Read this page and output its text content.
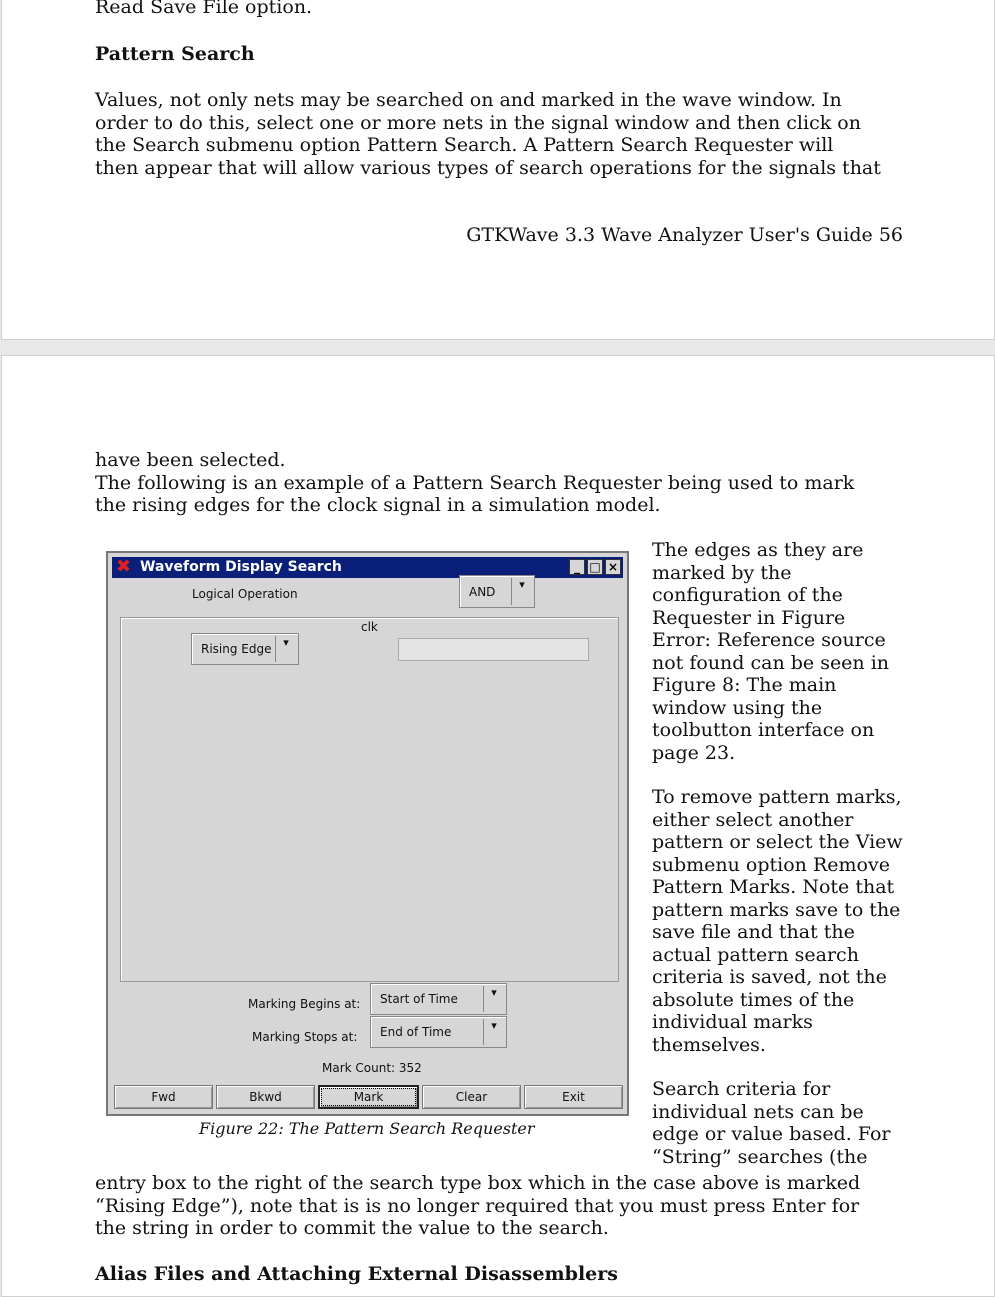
Read Save File option.

Pattern Search

Values, not only nets may be searched on and marked in the wave window. In

order to do this, select one or more nets in the signal window and then click on

the Search submenu option Pattern Search. A Pattern Search Requester will

then appear that will allow various types of search operations for the signals that

GTKWave 3.3 Wave Analyzer User's Guide 56

have been selected.

The following is an example of a Pattern Search Requester being used to mark

the rising edges for the clock signal in a simulation model.

✖ Waveform Display Search	_ □ ×
Logical Operation	AND	▾
clk
Rising Edge	▾
Marking Begins at: Start of Time	▾
Marking Stops at: End of Time	▾
Mark Count: 352
Fwd	Bkwd	Mark	Clear	Exit
Figure 22: The Pattern Search Requester

The edges as they are marked by the configuration of the Requester in Figure Error: Reference source not found can be seen in Figure 8: The main window using the toolbutton interface on page 23.

To remove pattern marks, either select another pattern or select the View submenu option Remove Pattern Marks. Note that pattern marks save to the save file and that the actual pattern search criteria is saved, not the absolute times of the individual marks themselves.

Search criteria for individual nets can be edge or value based. For “String” searches (the

entry box to the right of the search type box which in the case above is marked

“Rising Edge”), note that is is no longer required that you must press Enter for

the string in order to commit the value to the search.

Alias Files and Attaching External Disassemblers
